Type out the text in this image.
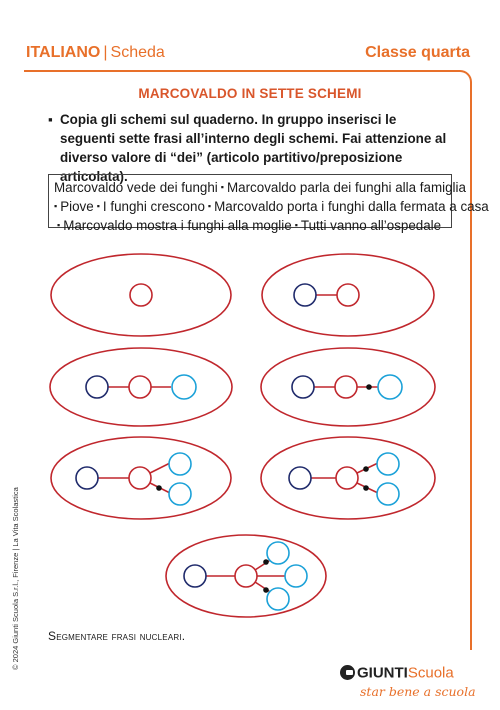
ITALIANO | Scheda	Classe quarta
MARCOVALDO IN SETTE SCHEMI
▪ Copia gli schemi sul quaderno. In gruppo inserisci le seguenti sette frasi all’interno degli schemi. Fai attenzione al diverso valore di “dei” (articolo partitivo/preposizione articolata).
Marcovaldo vede dei funghi ▪ Marcovaldo parla dei funghi alla famiglia
▪ Piove ▪ I funghi crescono ▪ Marcovaldo porta i funghi dalla fermata a casa
▪ Marcovaldo mostra i funghi alla moglie ▪ Tutti vanno all’ospedale
Segmentare frasi nucleari.
© 2024 Giunti Scuola S.r.l., Firenze | La Vita Scolastica
GIUNTIScuola
star bene a scuola
